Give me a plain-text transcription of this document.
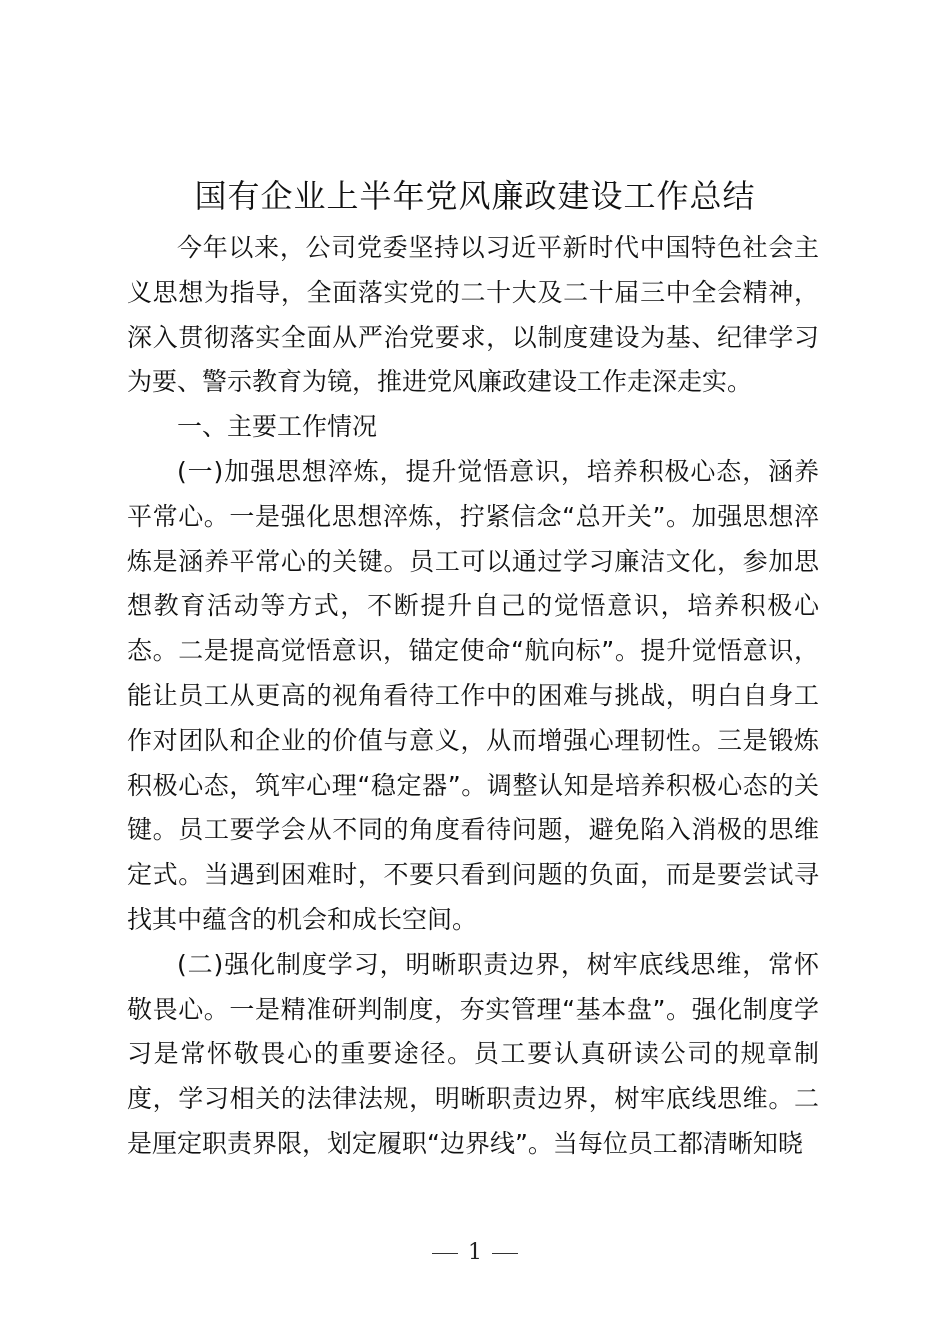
国有企业上半年党风廉政建设工作总结

今年以来，公司党委坚持以习近平新时代中国特色社会主义思想为指导，全面落实党的二十大及二十届三中全会精神，深入贯彻落实全面从严治党要求，以制度建设为基、纪律学习为要、警示教育为镜，推进党风廉政建设工作走深走实。

一、主要工作情况

(一)加强思想淬炼，提升觉悟意识，培养积极心态，涵养平常心。一是强化思想淬炼，拧紧信念“总开关”。加强思想淬炼是涵养平常心的关键。员工可以通过学习廉洁文化，参加思想教育活动等方式，不断提升自己的觉悟意识，培养积极心态。二是提高觉悟意识，锚定使命“航向标”。提升觉悟意识，能让员工从更高的视角看待工作中的困难与挑战，明白自身工作对团队和企业的价值与意义，从而增强心理韧性。三是锻炼积极心态，筑牢心理“稳定器”。调整认知是培养积极心态的关键。员工要学会从不同的角度看待问题，避免陷入消极的思维定式。当遇到困难时，不要只看到问题的负面，而是要尝试寻找其中蕴含的机会和成长空间。

(二)强化制度学习，明晰职责边界，树牢底线思维，常怀敬畏心。一是精准研判制度，夯实管理“基本盘”。强化制度学习是常怀敬畏心的重要途径。员工要认真研读公司的规章制度，学习相关的法律法规，明晰职责边界，树牢底线思维。二是厘定职责界限，划定履职“边界线”。当每位员工都清晰知晓

1
